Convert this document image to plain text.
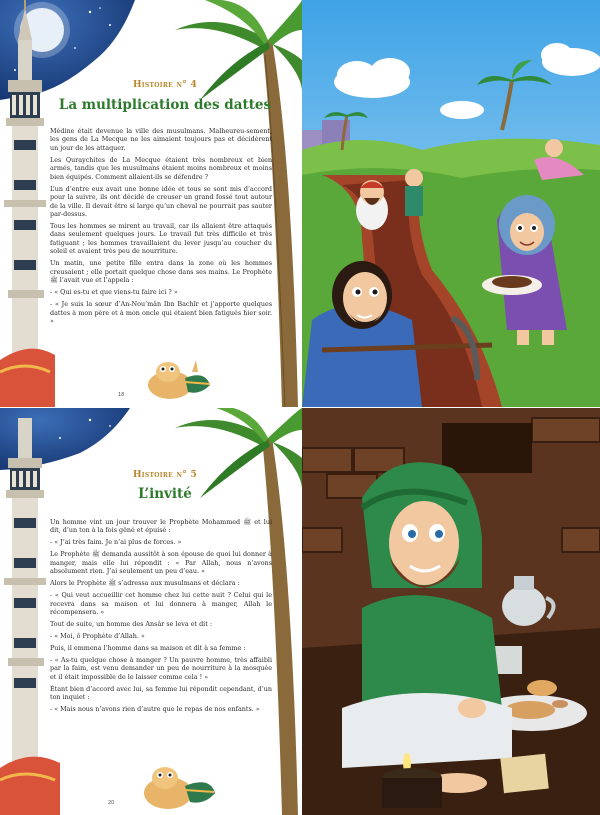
Histoire n° 4
La multiplication des dattes

Médine était devenue la ville des musulmans. Malheureu-sement, les gens de La Mecque ne les aimaient toujours pas et décidèrent un jour de les attaquer.

Les Quraychites de La Mecque étaient très nombreux et bien armés, tandis que les musulmans étaient moins nombreux et moins bien équipés. Comment allaient-ils se défendre ?

L’un d’entre eux avait une bonne idée et tous se sont mis d’accord pour la suivre, ils ont décidé de creuser un grand fossé tout autour de la ville. Il devait être si large qu’un cheval ne pourrait pas sauter par-dessus.

Tous les hommes se mirent au travail, car ils allaient être attaqués dans seulement quelques jours. Le travail fut très difficile et très fatiguant ; les hommes travaillaient du lever jusqu’au coucher du soleil et avaient très peu de nourriture.

Un matin, une petite fille entra dans la zone où les hommes creusaient ; elle portait quelque chose dans ses mains. Le Prophète ﷺ l’avait vue et l’appela :

- « Qui es-tu et que viens-tu faire ici ? »

- « Je suis la sœur d’An-Nou’mân Ibn Bachîr et j’apporte quelques dattes à mon père et à mon oncle qui étaient bien fatigués hier soir. »

18
Histoire n° 5
L’invité

Un homme vint un jour trouver le Prophète Mohammed ﷺ et lui dit, d’un ton à la fois gêné et épuisé :

- « J’ai très faim. Je n’ai plus de forces. »

Le Prophète ﷺ demanda aussitôt à son épouse de quoi lui donner à manger, mais elle lui répondit : « Par Allah, nous n’avons absolument rien. J’ai seulement un peu d’eau. »

Alors le Prophète ﷺ s’adressa aux musulmans et déclara :

- « Qui veut accueillir cet homme chez lui cette nuit ? Celui qui le recevra dans sa maison et lui donnera à manger, Allah le récompensera. »

Tout de suite, un homme des Ansâr se leva et dit :

- « Moi, ô Prophète d’Allah. »

Puis, il emmena l’homme dans sa maison et dit à sa femme :

- « As-tu quelque chose à manger ? Un pauvre homme, très affaibli par la faim, est venu demander un peu de nourriture à la mosquée et il était impossible de le laisser comme cela ! »

Étant bien d’accord avec lui, sa femme lui répondit cependant, d’un ton inquiet :

- « Mais nous n’avons rien d’autre que le repas de nos enfants. »

20
